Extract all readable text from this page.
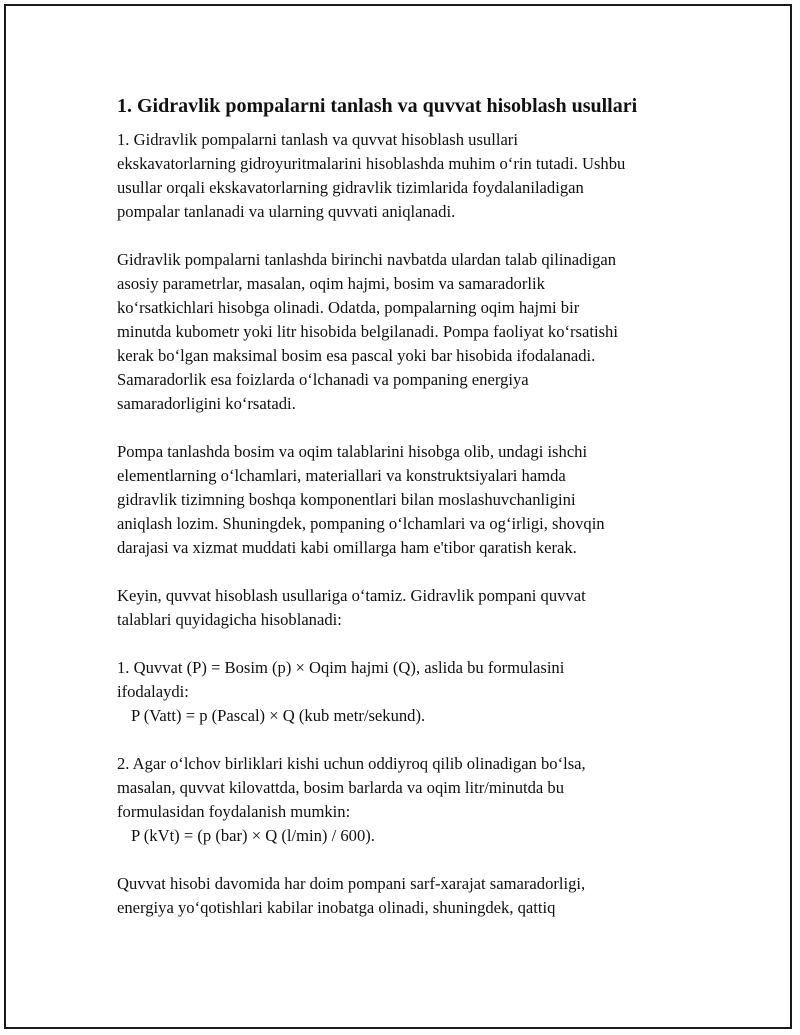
1. Gidravlik pompalarni tanlash va quvvat hisoblash usullari

1. Gidravlik pompalarni tanlash va quvvat hisoblash usullari
ekskavatorlarning gidroyuritmalarini hisoblashda muhim o‘rin tutadi. Ushbu
usullar orqali ekskavatorlarning gidravlik tizimlarida foydalaniladigan
pompalar tanlanadi va ularning quvvati aniqlanadi.

Gidravlik pompalarni tanlashda birinchi navbatda ulardan talab qilinadigan
asosiy parametrlar, masalan, oqim hajmi, bosim va samaradorlik
ko‘rsatkichlari hisobga olinadi. Odatda, pompalarning oqim hajmi bir
minutda kubometr yoki litr hisobida belgilanadi. Pompa faoliyat ko‘rsatishi
kerak bo‘lgan maksimal bosim esa pascal yoki bar hisobida ifodalanadi.
Samaradorlik esa foizlarda o‘lchanadi va pompaning energiya
samaradorligini ko‘rsatadi.

Pompa tanlashda bosim va oqim talablarini hisobga olib, undagi ishchi
elementlarning o‘lchamlari, materiallari va konstruktsiyalari hamda
gidravlik tizimning boshqa komponentlari bilan moslashuvchanligini
aniqlash lozim. Shuningdek, pompaning o‘lchamlari va og‘irligi, shovqin
darajasi va xizmat muddati kabi omillarga ham e'tibor qaratish kerak.

Keyin, quvvat hisoblash usullariga o‘tamiz. Gidravlik pompani quvvat
talablari quyidagicha hisoblanadi:

1. Quvvat (P) = Bosim (p) × Oqim hajmi (Q), aslida bu formulasini
ifodalaydi:
P (Vatt) = p (Pascal) × Q (kub metr/sekund).

2. Agar o‘lchov birliklari kishi uchun oddiyroq qilib olinadigan bo‘lsa,
masalan, quvvat kilovattda, bosim barlarda va oqim litr/minutda bu
formulasidan foydalanish mumkin:
P (kVt) = (p (bar) × Q (l/min) / 600).

Quvvat hisobi davomida har doim pompani sarf-xarajat samaradorligi,
energiya yo‘qotishlari kabilar inobatga olinadi, shuningdek, qattiq
